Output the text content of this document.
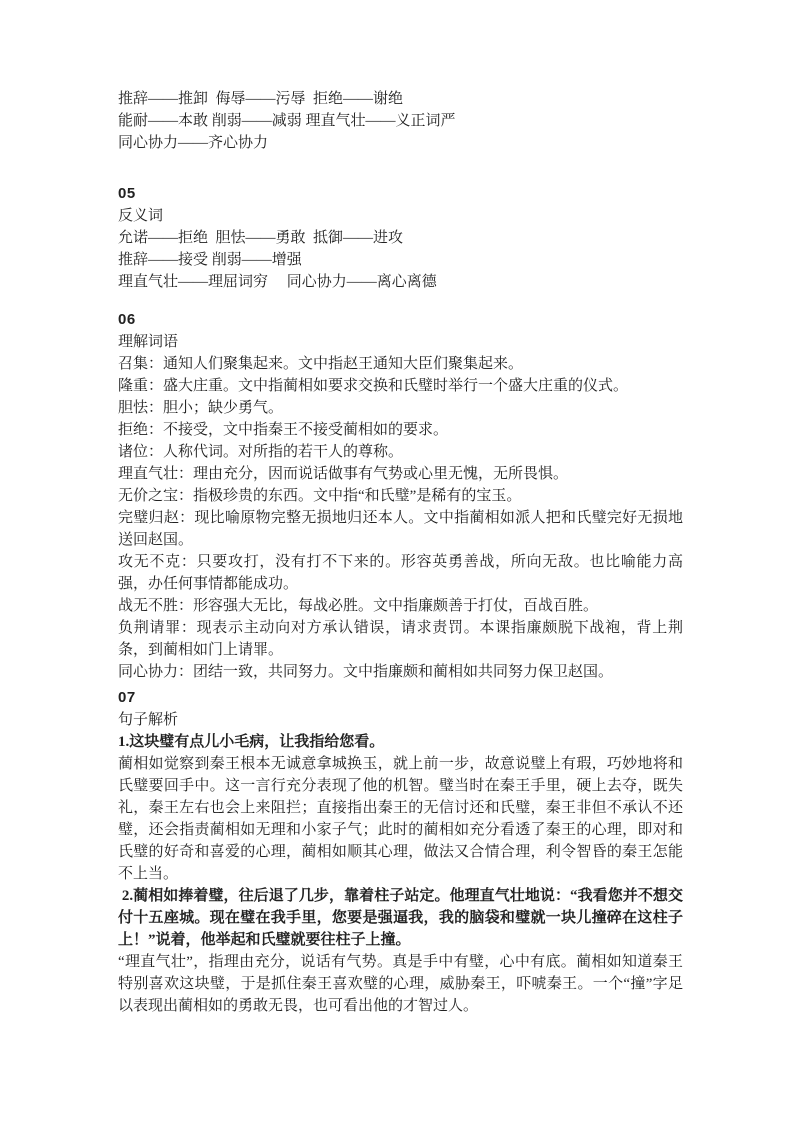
推辞——推卸  侮辱——污辱  拒绝——谢绝

能耐——本敢 削弱——减弱 理直气壮——义正词严

同心协力——齐心协力

05

反义词

允诺——拒绝  胆怯——勇敢  抵御——进攻

推辞——接受 削弱——增强

理直气壮——理屈词穷　 同心协力——离心离德

06

理解词语

召集：通知人们聚集起来。文中指赵王通知大臣们聚集起来。

隆重：盛大庄重。文中指蔺相如要求交换和氏璧时举行一个盛大庄重的仪式。

胆怯：胆小；缺少勇气。

拒绝：不接受，文中指秦王不接受蔺相如的要求。

诸位：人称代词。对所指的若干人的尊称。

理直气壮：理由充分，因而说话做事有气势或心里无愧，无所畏惧。

无价之宝：指极珍贵的东西。文中指“和氏璧”是稀有的宝玉。

完璧归赵：现比喻原物完整无损地归还本人。文中指蔺相如派人把和氏璧完好无损地送回赵国。

攻无不克：只要攻打，没有打不下来的。形容英勇善战，所向无敌。也比喻能力高强，办任何事情都能成功。

战无不胜：形容强大无比，每战必胜。文中指廉颇善于打仗，百战百胜。

负荆请罪：现表示主动向对方承认错误，请求责罚。本课指廉颇脱下战袍，背上荆条，到蔺相如门上请罪。

同心协力：团结一致，共同努力。文中指廉颇和蔺相如共同努力保卫赵国。

07

句子解析

1.这块璧有点儿小毛病，让我指给您看。

蔺相如觉察到秦王根本无诚意拿城换玉，就上前一步，故意说璧上有瑕，巧妙地将和氏璧要回手中。这一言行充分表现了他的机智。璧当时在秦王手里，硬上去夺，既失礼，秦王左右也会上来阻拦；直接指出秦王的无信讨还和氏璧，秦王非但不承认不还璧，还会指责蔺相如无理和小家子气；此时的蔺相如充分看透了秦王的心理，即对和氏璧的好奇和喜爱的心理，蔺相如顺其心理，做法又合情合理，利令智昏的秦王怎能不上当。

2.蔺相如捧着璧，往后退了几步，靠着柱子站定。他理直气壮地说：“我看您并不想交付十五座城。现在璧在我手里，您要是强逼我，我的脑袋和璧就一块儿撞碎在这柱子上！”说着，他举起和氏璧就要往柱子上撞。

“理直气壮”，指理由充分，说话有气势。真是手中有璧，心中有底。蔺相如知道秦王特别喜欢这块璧，于是抓住秦王喜欢璧的心理，威胁秦王，吓唬秦王。一个“撞”字足以表现出蔺相如的勇敢无畏，也可看出他的才智过人。
